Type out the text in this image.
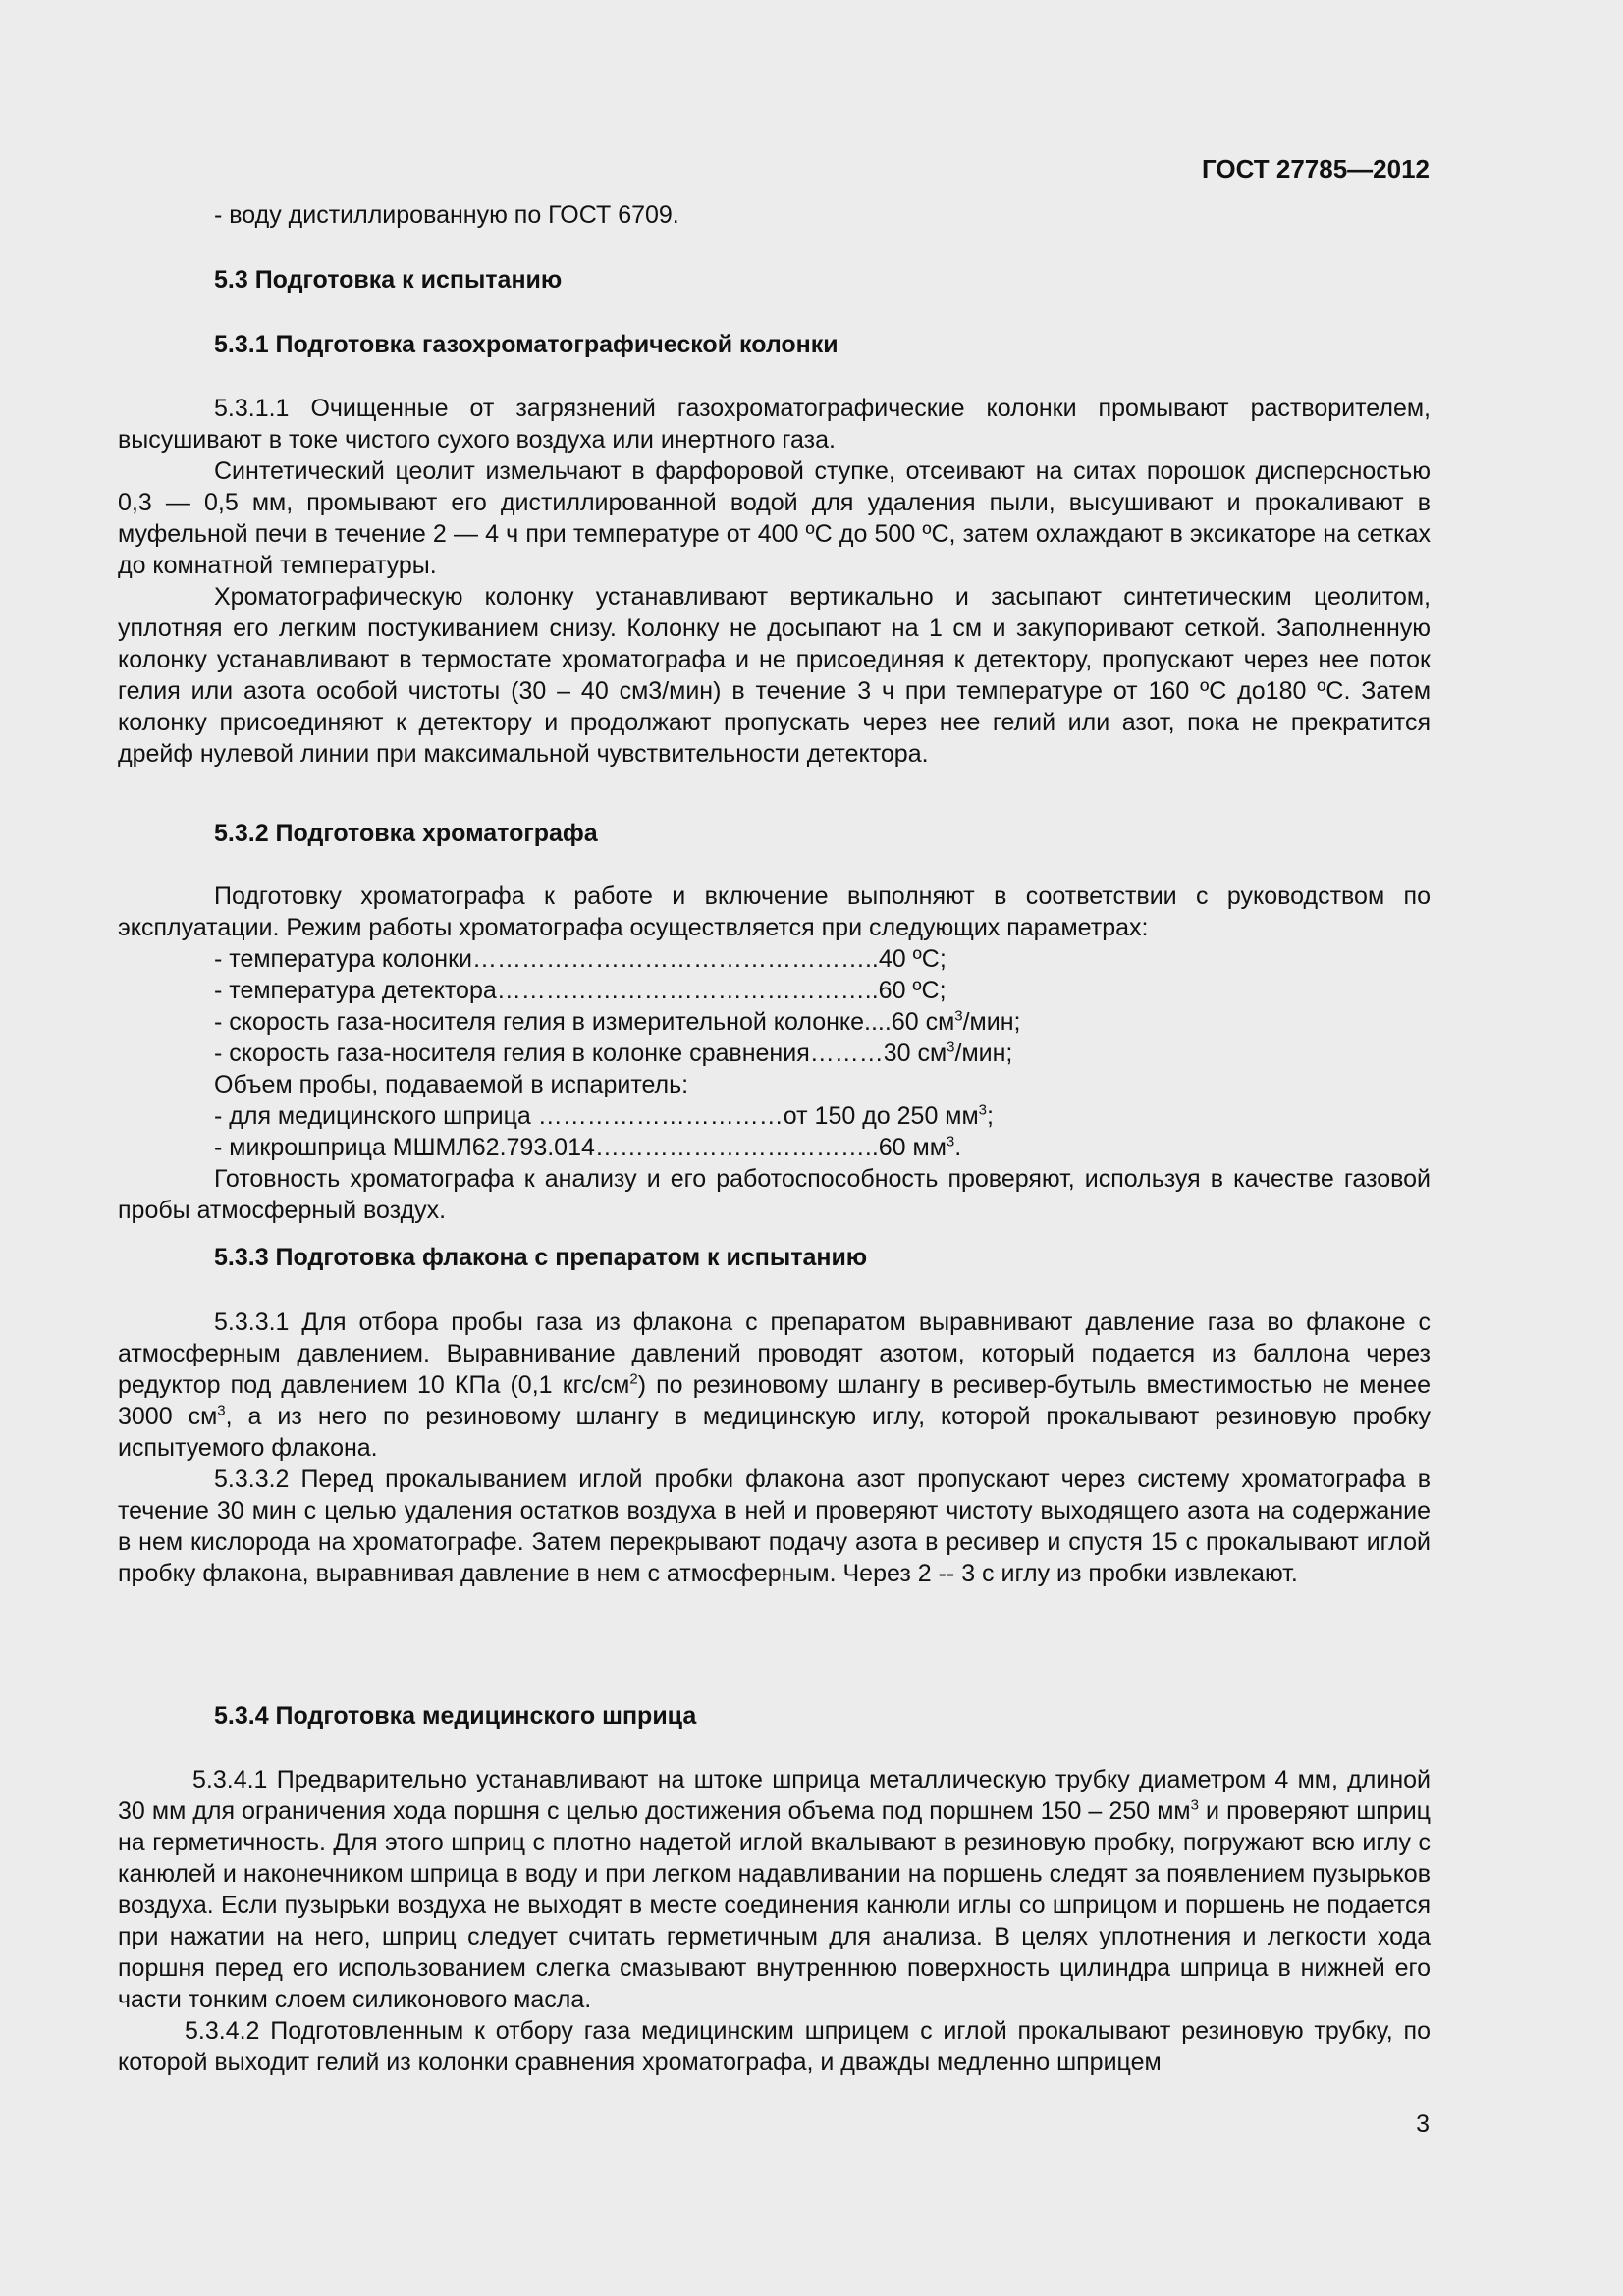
ГОСТ 27785—2012
- воду дистиллированную по ГОСТ 6709.
5.3 Подготовка к испытанию
5.3.1 Подготовка газохроматографической колонки
5.3.1.1 Очищенные от загрязнений газохроматографические колонки промывают растворителем, высушивают в токе чистого сухого воздуха или инертного газа.
Синтетический цеолит измельчают в фарфоровой ступке, отсеивают на ситах порошок дисперсностью 0,3 — 0,5 мм, промывают его дистиллированной водой для удаления пыли, высушивают и прокаливают в муфельной печи в течение 2 — 4 ч при температуре от 400 ºС до 500 ºС, затем охлаждают в эксикаторе на сетках до комнатной температуры.
Хроматографическую колонку устанавливают вертикально и засыпают синтетическим цеолитом, уплотняя его легким постукиванием снизу. Колонку не досыпают на 1 см и закупоривают сеткой. Заполненную колонку устанавливают в термостате хроматографа и не присоединяя к детектору, пропускают через нее поток гелия или азота особой чистоты (30 – 40 см3/мин) в течение 3 ч при температуре от 160 ºС до180 ºС. Затем колонку присоединяют к детектору и продолжают пропускать через нее гелий или азот, пока не прекратится дрейф нулевой линии при максимальной чувствительности детектора.
5.3.2 Подготовка хроматографа
Подготовку хроматографа к работе и включение выполняют в соответствии с руководством по эксплуатации. Режим работы хроматографа осуществляется при следующих параметрах:
- температура колонки…………………………………………..40 ºС;
- температура детектора………………………………………..60 ºС;
- скорость газа-носителя гелия в измерительной колонке....60 $см^3$/мин;
- скорость газа-носителя гелия в колонке сравнения………30 $см^3$/мин;
Объем пробы, подаваемой в испаритель:
- для медицинского шприца …………………………от 150 до 250 $мм^3$;
- микрошприца МШМЛ62.793.014……………………………..60 $мм^3$.
Готовность хроматографа к анализу и его работоспособность проверяют, используя в качестве газовой пробы атмосферный воздух.
5.3.3 Подготовка флакона с препаратом к испытанию
5.3.3.1 Для отбора пробы газа из флакона с препаратом выравнивают давление газа во флаконе с атмосферным давлением. Выравнивание давлений проводят азотом, который подается из баллона через редуктор под давлением 10 КПа (0,1 кгс/$см^2$) по резиновому шлангу в ресивер-бутыль вместимостью не менее 3000 $см^3$, а из него по резиновому шлангу в медицинскую иглу, которой прокалывают резиновую пробку испытуемого флакона.
5.3.3.2 Перед прокалыванием иглой пробки флакона азот пропускают через систему хроматографа в течение 30 мин с целью удаления остатков воздуха в ней и проверяют чистоту выходящего азота на содержание в нем кислорода на хроматографе. Затем перекрывают подачу азота в ресивер и спустя 15 с прокалывают иглой пробку флакона, выравнивая давление в нем с атмосферным. Через 2 -- 3 с иглу из пробки извлекают.
5.3.4 Подготовка медицинского шприца
5.3.4.1 Предварительно устанавливают на штоке шприца металлическую трубку диаметром 4 мм, длиной 30 мм для ограничения хода поршня с целью достижения объема под поршнем 150 – 250 $мм^3$ и проверяют шприц на герметичность. Для этого шприц с плотно надетой иглой вкалывают в резиновую пробку, погружают всю иглу с канюлей и наконечником шприца в воду и при легком надавливании на поршень следят за появлением пузырьков воздуха. Если пузырьки воздуха не выходят в месте соединения канюли иглы со шприцом и поршень не подается при нажатии на него, шприц следует считать герметичным для анализа. В целях уплотнения и легкости хода поршня перед его использованием слегка смазывают внутреннюю поверхность цилиндра шприца в нижней его части тонким слоем силиконового масла.
5.3.4.2 Подготовленным к отбору газа медицинским шприцем с иглой прокалывают резиновую трубку, по которой выходит гелий из колонки сравнения хроматографа, и дважды медленно шприцем
3
